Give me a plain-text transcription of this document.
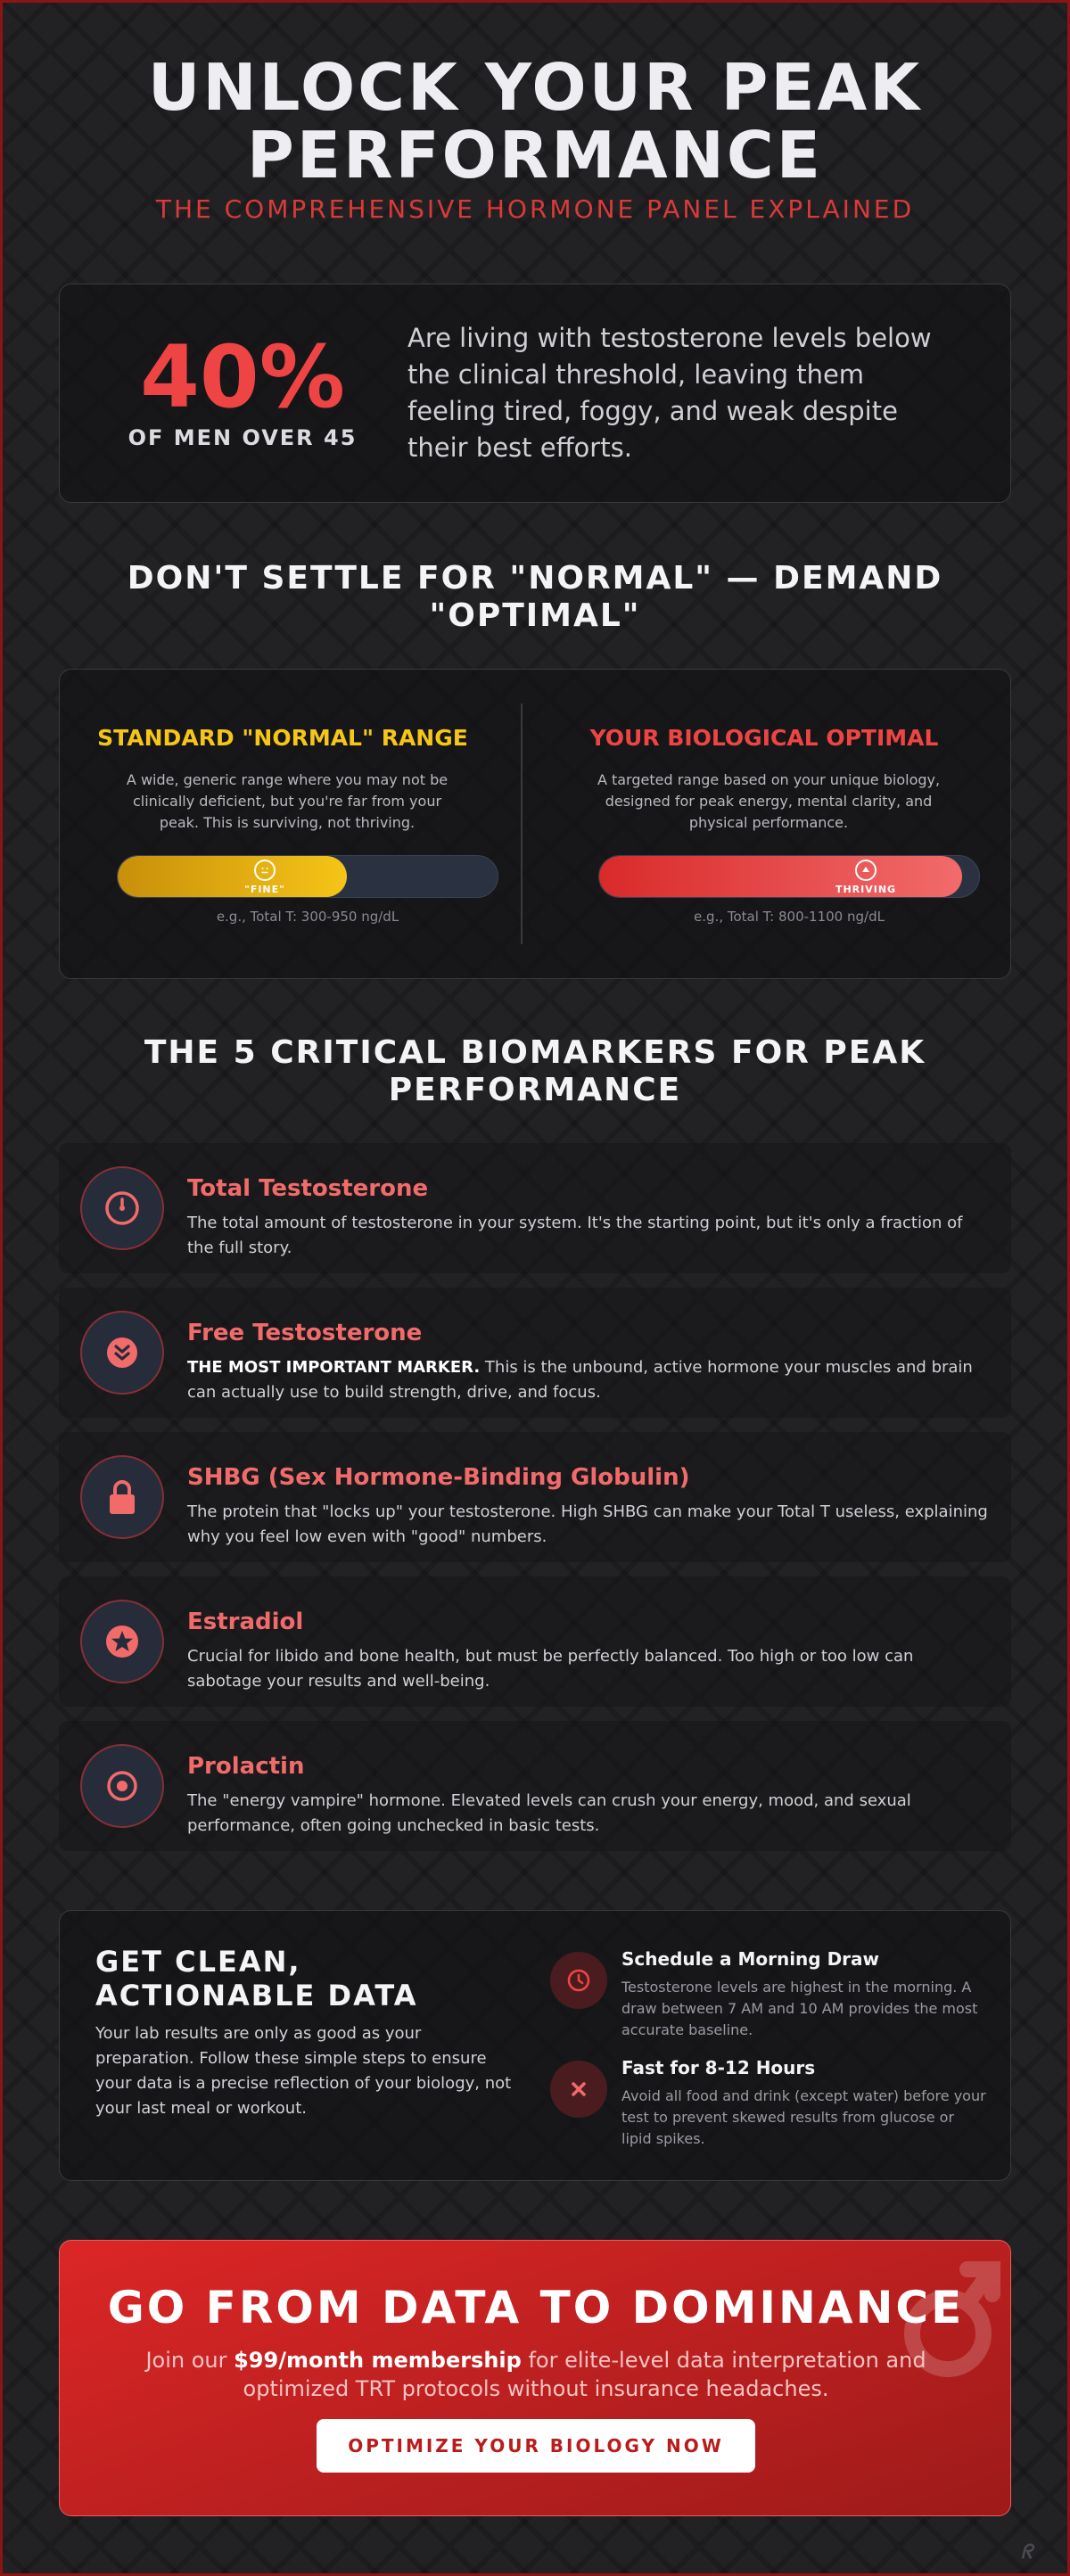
UNLOCK YOUR PEAK
PERFORMANCE
THE COMPREHENSIVE HORMONE PANEL EXPLAINED
40%
OF MEN OVER 45
Are living with testosterone levels below the clinical threshold, leaving them feeling tired, foggy, and weak despite their best efforts.
DON'T SETTLE FOR "NORMAL" — DEMAND
"OPTIMAL"
STANDARD "NORMAL" RANGE

A wide, generic range where you may not be clinically deficient, but you're far from your peak. This is surviving, not thriving.

"FINE"
e.g., Total T: 300-950 ng/dL
YOUR BIOLOGICAL OPTIMAL

A targeted range based on your unique biology, designed for peak energy, mental clarity, and physical performance.

THRIVING
e.g., Total T: 800-1100 ng/dL
THE 5 CRITICAL BIOMARKERS FOR PEAK
PERFORMANCE
Total Testosterone
The total amount of testosterone in your system. It's the starting point, but it's only a fraction of the full story.
Free Testosterone
THE MOST IMPORTANT MARKER. This is the unbound, active hormone your muscles and brain can actually use to build strength, drive, and focus.
SHBG (Sex Hormone-Binding Globulin)
The protein that "locks up" your testosterone. High SHBG can make your Total T useless, explaining why you feel low even with "good" numbers.
Estradiol
Crucial for libido and bone health, but must be perfectly balanced. Too high or too low can sabotage your results and well-being.
Prolactin
The "energy vampire" hormone. Elevated levels can crush your energy, mood, and sexual performance, often going unchecked in basic tests.
GET CLEAN, ACTIONABLE DATA
Your lab results are only as good as your preparation. Follow these simple steps to ensure your data is a precise reflection of your biology, not your last meal or workout.
Schedule a Morning Draw
Testosterone levels are highest in the morning. A draw between 7 AM and 10 AM provides the most accurate baseline.
Fast for 8-12 Hours
Avoid all food and drink (except water) before your test to prevent skewed results from glucose or lipid spikes.
GO FROM DATA TO DOMINANCE
Join our $99/month membership for elite-level data interpretation and optimized TRT protocols without insurance headaches.
OPTIMIZE YOUR BIOLOGY NOW
ᖇ
